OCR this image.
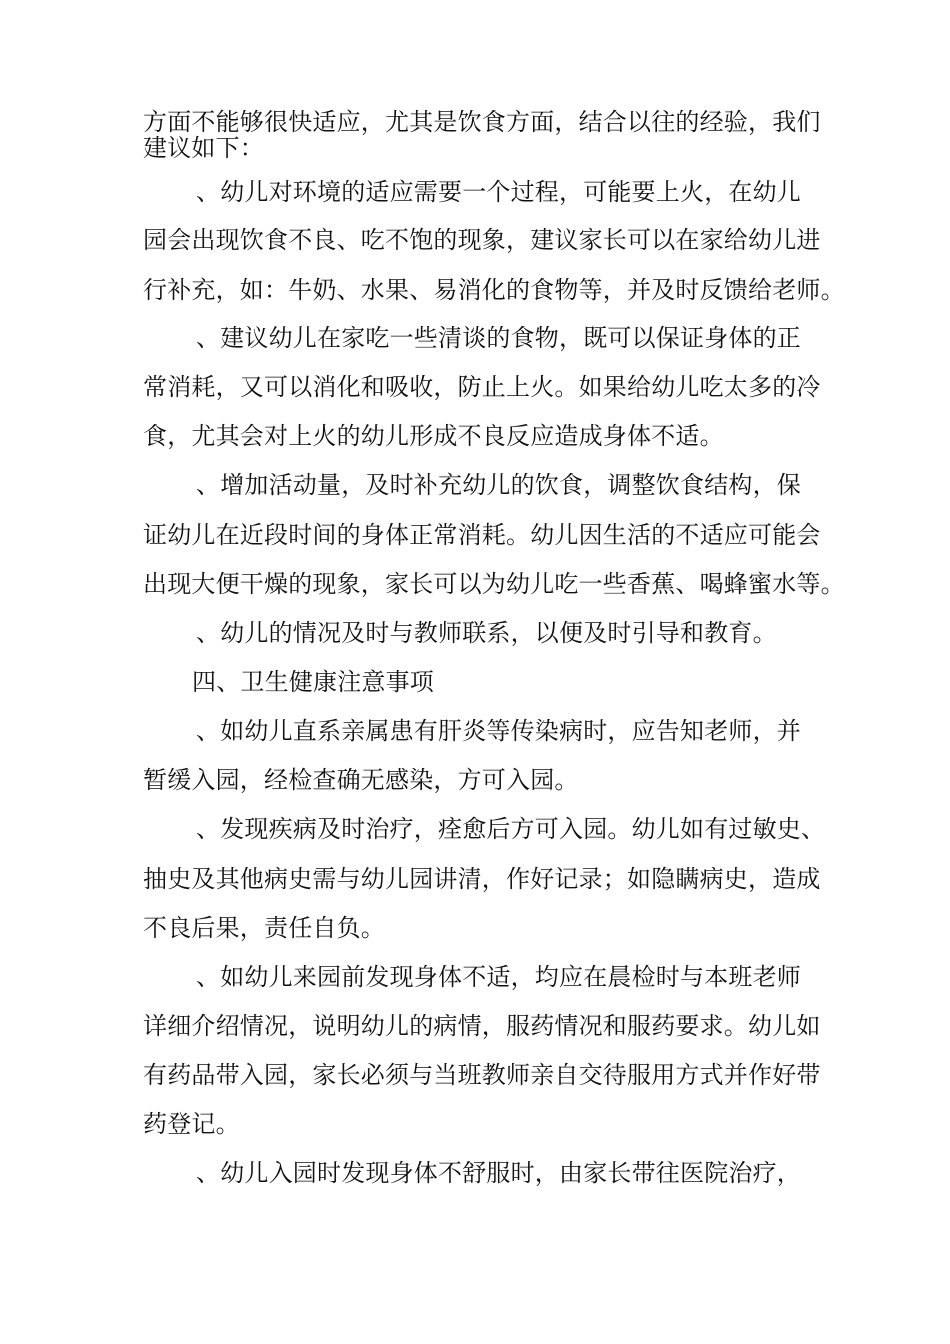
方面不能够很快适应，尤其是饮食方面，结合以往的经验，我们
建议如下：
、幼儿对环境的适应需要一个过程，可能要上火，在幼儿
园会出现饮食不良、吃不饱的现象，建议家长可以在家给幼儿进
行补充，如：牛奶、水果、易消化的食物等，并及时反馈给老师。
、建议幼儿在家吃一些清谈的食物，既可以保证身体的正
常消耗，又可以消化和吸收，防止上火。如果给幼儿吃太多的冷
食，尤其会对上火的幼儿形成不良反应造成身体不适。
、增加活动量，及时补充幼儿的饮食，调整饮食结构，保
证幼儿在近段时间的身体正常消耗。幼儿因生活的不适应可能会
出现大便干燥的现象，家长可以为幼儿吃一些香蕉、喝蜂蜜水等。
、幼儿的情况及时与教师联系，以便及时引导和教育。
四、卫生健康注意事项
、如幼儿直系亲属患有肝炎等传染病时，应告知老师，并
暂缓入园，经检查确无感染，方可入园。
、发现疾病及时治疗，痊愈后方可入园。幼儿如有过敏史、
抽史及其他病史需与幼儿园讲清，作好记录；如隐瞒病史，造成
不良后果，责任自负。
、如幼儿来园前发现身体不适，均应在晨检时与本班老师
详细介绍情况，说明幼儿的病情，服药情况和服药要求。幼儿如
有药品带入园，家长必须与当班教师亲自交待服用方式并作好带
药登记。
、幼儿入园时发现身体不舒服时，由家长带往医院治疗，
